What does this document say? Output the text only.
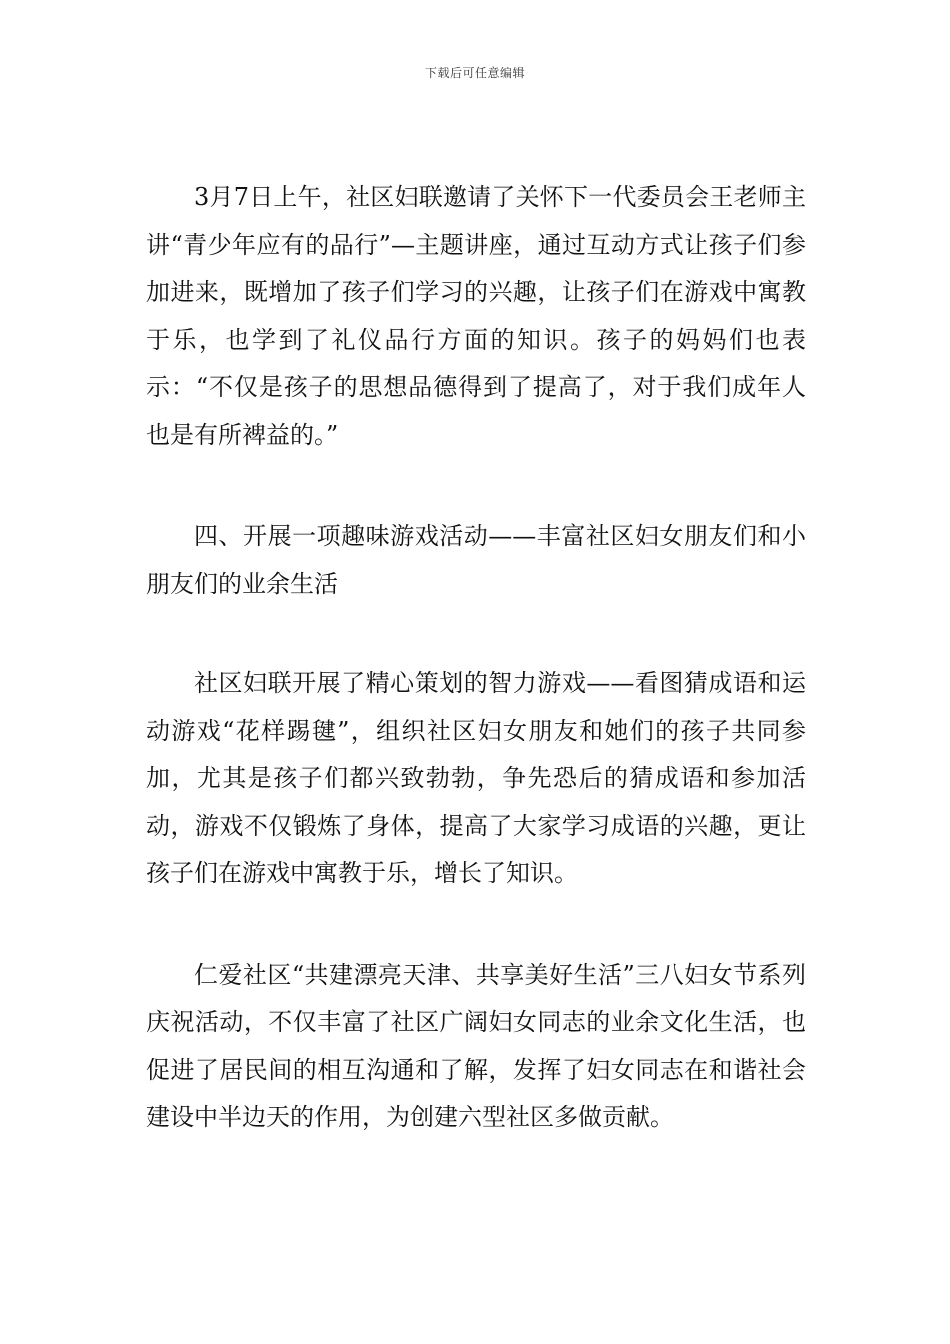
下载后可任意编辑

3月7日上午，社区妇联邀请了关怀下一代委员会王老师主讲“青少年应有的品行”—主题讲座，通过互动方式让孩子们参加进来，既增加了孩子们学习的兴趣，让孩子们在游戏中寓教于乐，也学到了礼仪品行方面的知识。孩子的妈妈们也表示：“不仅是孩子的思想品德得到了提高了，对于我们成年人也是有所裨益的。”

四、开展一项趣味游戏活动——丰富社区妇女朋友们和小朋友们的业余生活

社区妇联开展了精心策划的智力游戏——看图猜成语和运动游戏“花样踢毽”，组织社区妇女朋友和她们的孩子共同参加，尤其是孩子们都兴致勃勃，争先恐后的猜成语和参加活动，游戏不仅锻炼了身体，提高了大家学习成语的兴趣，更让孩子们在游戏中寓教于乐，增长了知识。

仁爱社区“共建漂亮天津、共享美好生活”三八妇女节系列庆祝活动，不仅丰富了社区广阔妇女同志的业余文化生活，也促进了居民间的相互沟通和了解，发挥了妇女同志在和谐社会建设中半边天的作用，为创建六型社区多做贡献。
